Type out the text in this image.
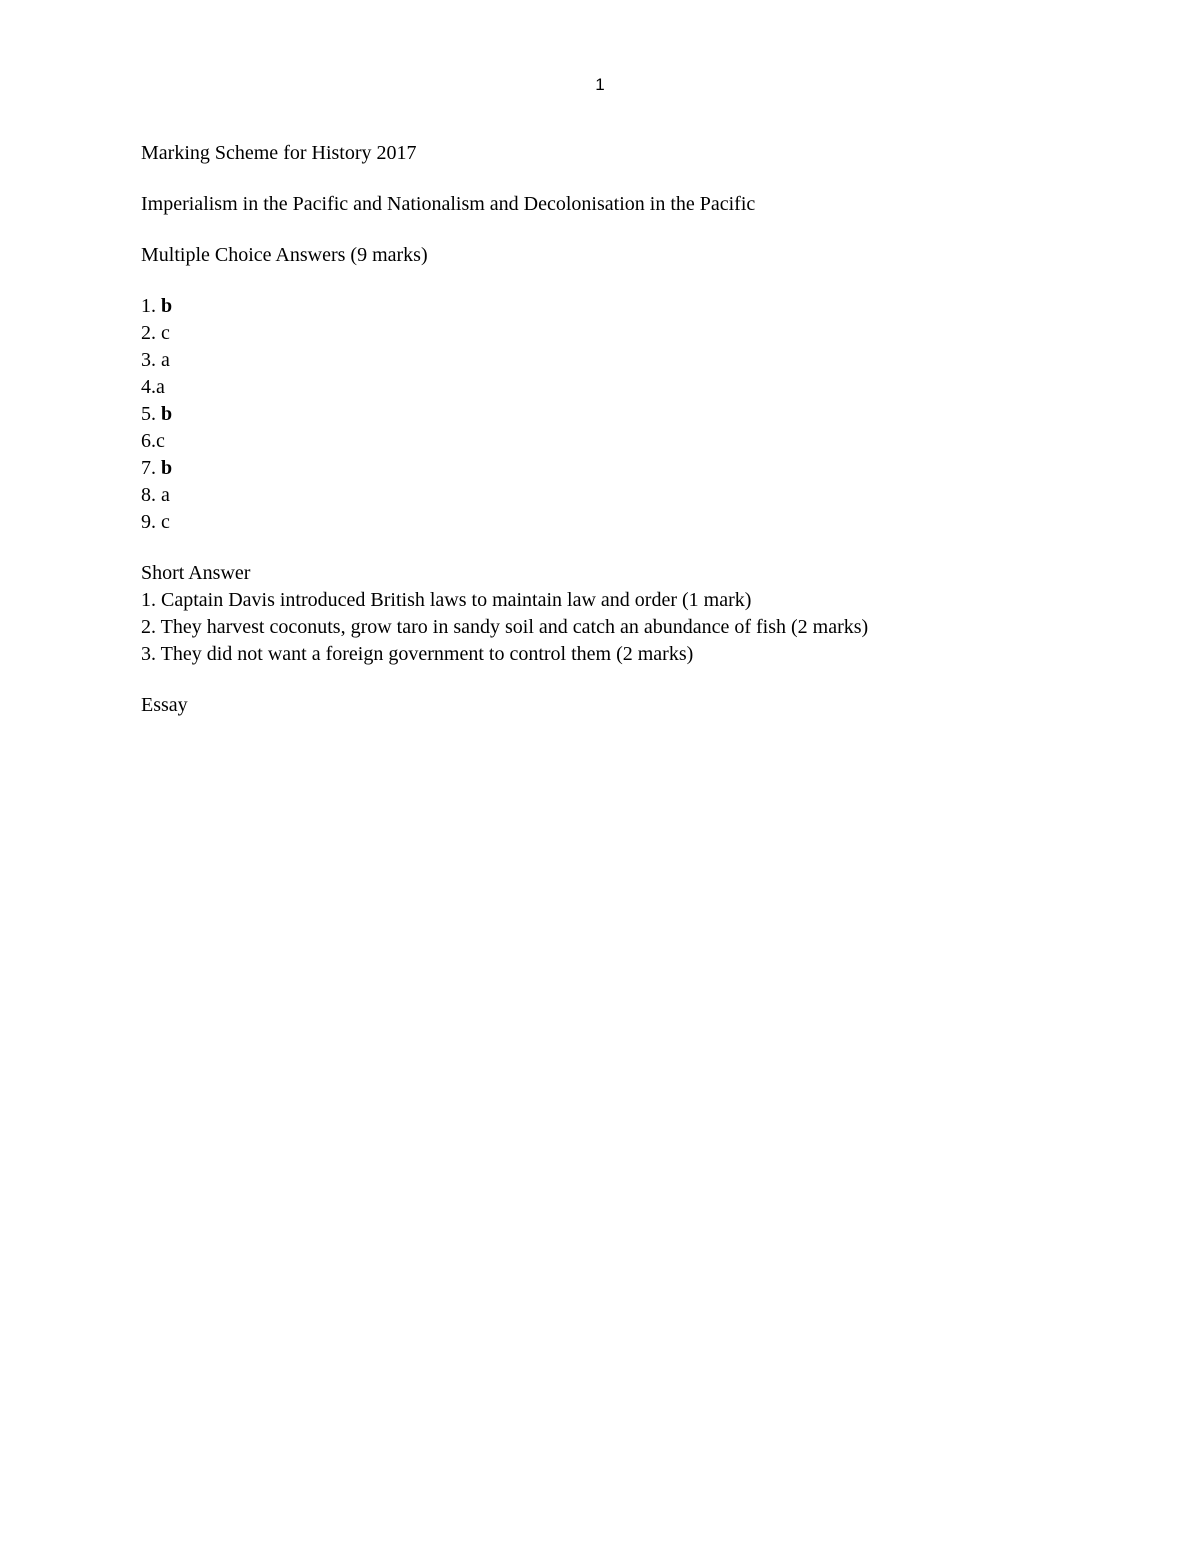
1

Marking Scheme for History 2017

Imperialism in the Pacific and Nationalism and Decolonisation in the Pacific

Multiple Choice Answers (9 marks)

1. b
2. c
3. a
4.a
5. b
6.c
7. b
8. a
9. c

Short Answer

1. Captain Davis introduced British laws to maintain law and order (1 mark)
2. They harvest coconuts, grow taro in sandy soil and catch an abundance of fish (2 marks)
3. They did not want a foreign government to control them (2 marks)

Essay
